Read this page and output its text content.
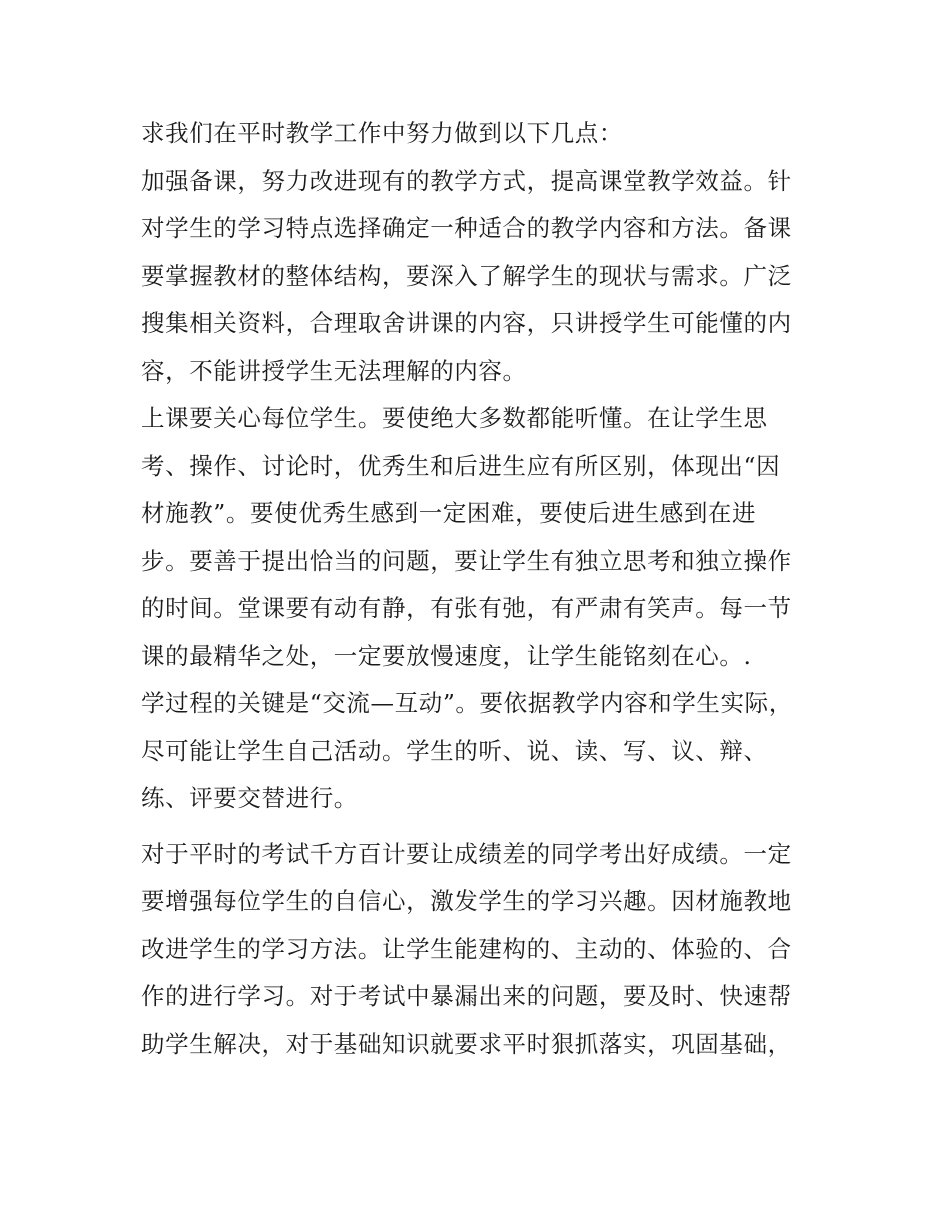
求我们在平时教学工作中努力做到以下几点：
加强备课，努力改进现有的教学方式，提高课堂教学效益。针
对学生的学习特点选择确定一种适合的教学内容和方法。备课
要掌握教材的整体结构，要深入了解学生的现状与需求。广泛
搜集相关资料，合理取舍讲课的内容，只讲授学生可能懂的内
容，不能讲授学生无法理解的内容。
上课要关心每位学生。要使绝大多数都能听懂。在让学生思
考、操作、讨论时，优秀生和后进生应有所区别，体现出“因
材施教”。要使优秀生感到一定困难，要使后进生感到在进
步。要善于提出恰当的问题，要让学生有独立思考和独立操作
的时间。堂课要有动有静，有张有弛，有严肃有笑声。每一节
课的最精华之处，一定要放慢速度，让学生能铭刻在心。.
学过程的关键是“交流—互动”。要依据教学内容和学生实际，
尽可能让学生自己活动。学生的听、说、读、写、议、辩、
练、评要交替进行。
对于平时的考试千方百计要让成绩差的同学考出好成绩。一定
要增强每位学生的自信心，激发学生的学习兴趣。因材施教地
改进学生的学习方法。让学生能建构的、主动的、体验的、合
作的进行学习。对于考试中暴漏出来的问题，要及时、快速帮
助学生解决，对于基础知识就要求平时狠抓落实，巩固基础，
